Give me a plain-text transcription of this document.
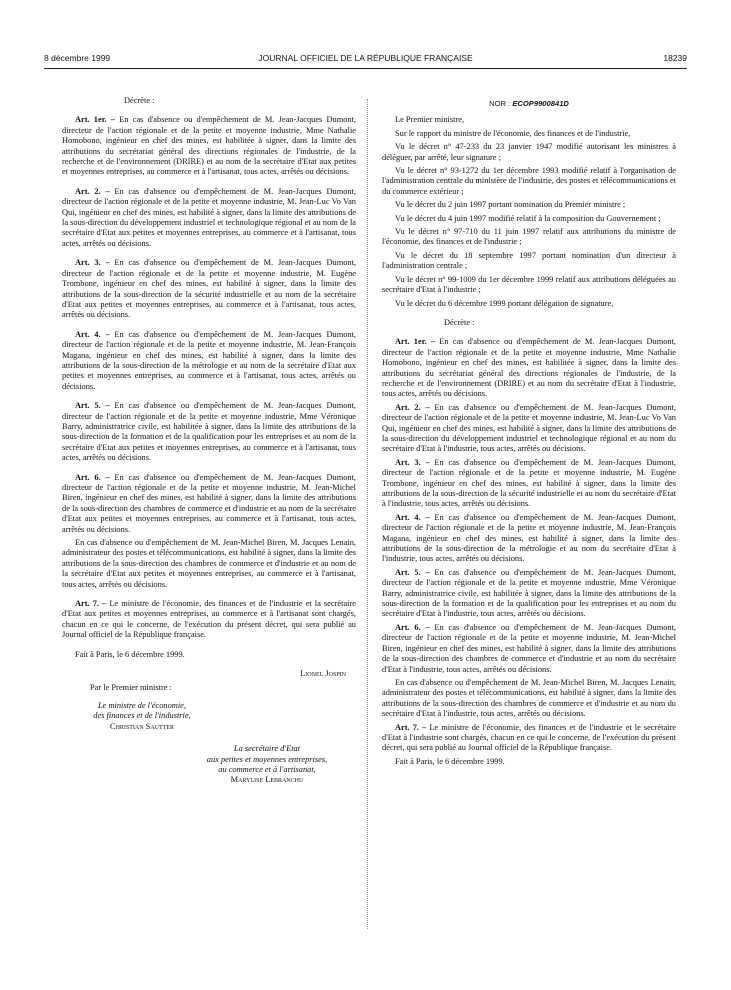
8 décembre 1999	JOURNAL OFFICIEL DE LA RÉPUBLIQUE FRANÇAISE	18239

Décrète :

Art. 1er. – En cas d'absence ou d'empêchement de M. Jean-Jacques Dumont, directeur de l'action régionale et de la petite et moyenne industrie, Mme Nathalie Homobono, ingénieur en chef des mines, est habilitée à signer, dans la limite des attributions du secrétariat général des directions régionales de l'industrie, de la recherche et de l'environnement (DRIRE) et au nom de la secrétaire d'Etat aux petites et moyennes entreprises, au commerce et à l'artisanat, tous actes, arrêtés ou décisions.

Art. 2. – En cas d'absence ou d'empêchement de M. Jean-Jacques Dumont, directeur de l'action régionale et de la petite et moyenne industrie, M. Jean-Luc Vo Van Qui, ingénieur en chef des mines, est habilité à signer, dans la limite des attributions de la sous-direction du développement industriel et technologique régional et au nom de la secrétaire d'Etat aux petites et moyennes entreprises, au commerce et à l'artisanat, tous actes, arrêtés ou décisions.

Art. 3. – En cas d'absence ou d'empêchement de M. Jean-Jacques Dumont, directeur de l'action régionale et de la petite et moyenne industrie, M. Eugène Trombone, ingénieur en chef des mines, est habilité à signer, dans la limite des attributions de la sous-direction de la sécurité industrielle et au nom de la secrétaire d'Etat aux petites et moyennes entreprises, au commerce et à l'artisanat, tous actes, arrêtés ou décisions.

Art. 4. – En cas d'absence ou d'empêchement de M. Jean-Jacques Dumont, directeur de l'action régionale et de la petite et moyenne industrie, M. Jean-François Magana, ingénieur en chef des mines, est habilité à signer, dans la limite des attributions de la sous-direction de la métrologie et au nom de la secrétaire d'Etat aux petites et moyennes entreprises, au commerce et à l'artisanat, tous actes, arrêtés ou décisions.

Art. 5. – En cas d'absence ou d'empêchement de M. Jean-Jacques Dumont, directeur de l'action régionale et de la petite et moyenne industrie, Mme Véronique Barry, administratrice civile, est habilitée à signer, dans la limite des attributions de la sous-direction de la formation et de la qualification pour les entreprises et au nom de la secrétaire d'Etat aux petites et moyennes entreprises, au commerce et à l'artisanat, tous actes, arrêtés ou décisions.

Art. 6. – En cas d'absence ou d'empêchement de M. Jean-Jacques Dumont, directeur de l'action régionale et de la petite et moyenne industrie, M. Jean-Michel Biren, ingénieur en chef des mines, est habilité à signer, dans la limite des attributions de la sous-direction des chambres de commerce et d'industrie et au nom de la secrétaire d'Etat aux petites et moyennes entreprises, au commerce et à l'artisanat, tous actes, arrêtés ou décisions.

En cas d'absence ou d'empêchement de M. Jean-Michel Biren, M. Jacques Lenain, administrateur des postes et télécommunications, est habilité à signer, dans la limite des attributions de la sous-direction des chambres de commerce et d'industrie et au nom de la secrétaire d'Etat aux petites et moyennes entreprises, au commerce et à l'artisanat, tous actes, arrêtés ou décisions.

Art. 7. – Le ministre de l'économie, des finances et de l'industrie et la secrétaire d'Etat aux petites et moyennes entreprises, au commerce et à l'artisanat sont chargés, chacun en ce qui le concerne, de l'exécution du présent décret, qui sera publié au Journal officiel de la République française.

Fait à Paris, le 6 décembre 1999.

Lionel Jospin

Par le Premier ministre :

Le ministre de l'économie,
des finances et de l'industrie,
Christian Sautter
La secrétaire d'Etat
aux petites et moyennes entreprises,
au commerce et à l'artisanat,
Marylise Lebranchu
NOR : ECOP9900841D

Le Premier ministre,

Sur le rapport du ministre de l'économie, des finances et de l'industrie,

Vu le décret n° 47-233 du 23 janvier 1947 modifié autorisant les ministres à déléguer, par arrêté, leur signature ;

Vu le décret n° 93-1272 du 1er décembre 1993 modifié relatif à l'organisation de l'administration centrale du ministère de l'industrie, des postes et télécommunications et du commerce extérieur ;

Vu le décret du 2 juin 1997 portant nomination du Premier ministre ;

Vu le décret du 4 juin 1997 modifié relatif à la composition du Gouvernement ;

Vu le décret n° 97-710 du 11 juin 1997 relatif aux attributions du ministre de l'économie, des finances et de l'industrie ;

Vu le décret du 18 septembre 1997 portant nomination d'un directeur à l'administration centrale ;

Vu le décret n° 99-1009 du 1er décembre 1999 relatif aux attributions déléguées au secrétaire d'Etat à l'industrie ;

Vu le décret du 6 décembre 1999 portant délégation de signature,

Décrète :

Art. 1er. – En cas d'absence ou d'empêchement de M. Jean-Jacques Dumont, directeur de l'action régionale et de la petite et moyenne industrie, Mme Nathalie Homobono, ingénieur en chef des mines, est habilitée à signer, dans la limite des attributions du secrétariat général des directions régionales de l'industrie, de la recherche et de l'environnement (DRIRE) et au nom du secrétaire d'Etat à l'industrie, tous actes, arrêtés ou décisions.

Art. 2. – En cas d'absence ou d'empêchement de M. Jean-Jacques Dumont, directeur de l'action régionale et de la petite et moyenne industrie, M. Jean-Luc Vo Van Qui, ingénieur en chef des mines, est habilité à signer, dans la limite des attributions de la sous-direction du développement industriel et technologique régional et au nom du secrétaire d'Etat à l'industrie, tous actes, arrêtés ou décisions.

Art. 3. – En cas d'absence ou d'empêchement de M. Jean-Jacques Dumont, directeur de l'action régionale et de la petite et moyenne industrie, M. Eugène Trombone, ingénieur en chef des mines, est habilité à signer, dans la limite des attributions de la sous-direction de la sécurité industrielle et au nom du secrétaire d'Etat à l'industrie, tous actes, arrêtés ou décisions.

Art. 4. – En cas d'absence ou d'empêchement de M. Jean-Jacques Dumont, directeur de l'action régionale et de la petite et moyenne industrie, M. Jean-François Magana, ingénieur en chef des mines, est habilité à signer, dans la limite des attributions de la sous-direction de la métrologie et au nom du secrétaire d'Etat à l'industrie, tous actes, arrêtés ou décisions.

Art. 5. – En cas d'absence ou d'empêchement de M. Jean-Jacques Dumont, directeur de l'action régionale et de la petite et moyenne industrie, Mme Véronique Barry, administratrice civile, est habilitée à signer, dans la limite des attributions de la sous-direction de la formation et de la qualification pour les entreprises et au nom du secrétaire d'Etat à l'industrie, tous actes, arrêtés ou décisions.

Art. 6. – En cas d'absence ou d'empêchement de M. Jean-Jacques Dumont, directeur de l'action régionale et de la petite et moyenne industrie, M. Jean-Michel Biren, ingénieur en chef des mines, est habilité à signer, dans la limite des attributions de la sous-direction des chambres de commerce et d'industrie et au nom du secrétaire d'Etat à l'industrie, tous actes, arrêtés ou décisions.

En cas d'absence ou d'empêchement de M. Jean-Michel Biren, M. Jacques Lenain, administrateur des postes et télécommunications, est habilité à signer, dans la limite des attributions de la sous-direction des chambres de commerce et d'industrie et au nom du secrétaire d'Etat à l'industrie, tous actes, arrêtés ou décisions.

Art. 7. – Le ministre de l'économie, des finances et de l'industrie et le secrétaire d'Etat à l'industrie sont chargés, chacun en ce qui le concerne, de l'exécution du présent décret, qui sera publié au Journal officiel de la République française.

Fait à Paris, le 6 décembre 1999.
